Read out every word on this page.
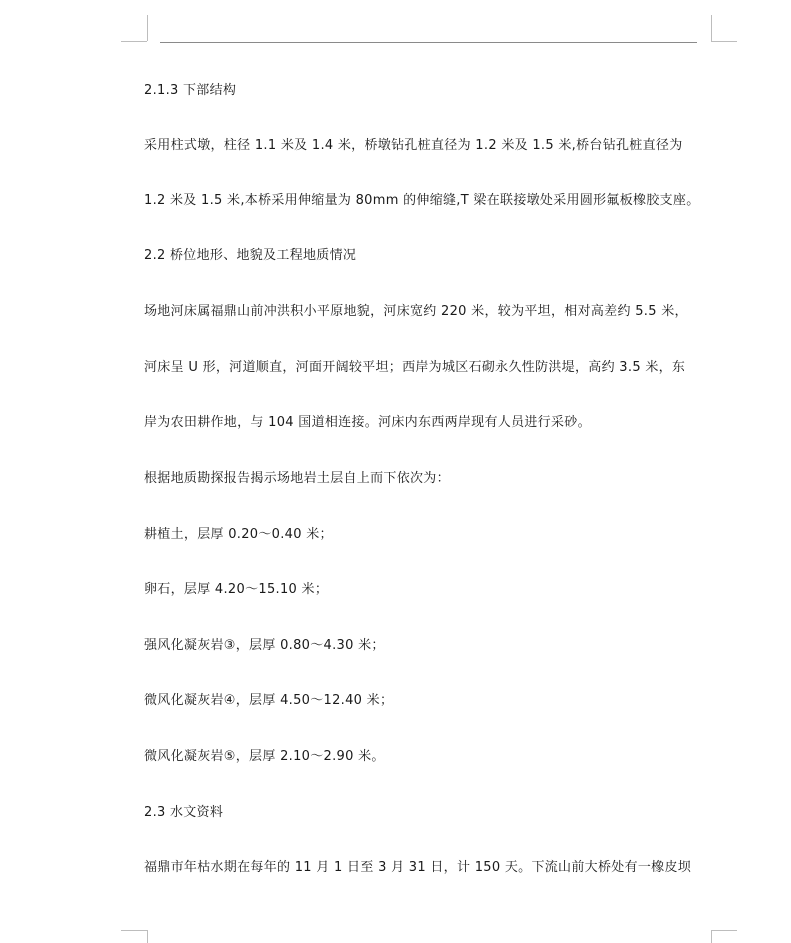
2.1.3 下部结构
采用柱式墩，柱径 1.1 米及 1.4 米，桥墩钻孔桩直径为 1.2 米及 1.5 米,桥台钻孔桩直径为
1.2 米及 1.5 米,本桥采用伸缩量为 80mm 的伸缩缝,T 梁在联接墩处采用圆形氟板橡胶支座。
2.2 桥位地形、地貌及工程地质情况
场地河床属福鼎山前冲洪积小平原地貌，河床宽约 220 米，较为平坦，相对高差约 5.5 米，
河床呈 U 形，河道顺直，河面开阔较平坦；西岸为城区石砌永久性防洪堤，高约 3.5 米，东
岸为农田耕作地，与 104 国道相连接。河床内东西两岸现有人员进行采砂。
根据地质勘探报告揭示场地岩土层自上而下依次为：
耕植土，层厚 0.20～0.40 米；
卵石，层厚 4.20～15.10 米；
强风化凝灰岩③，层厚 0.80～4.30 米；
微风化凝灰岩④，层厚 4.50～12.40 米；
微风化凝灰岩⑤，层厚 2.10～2.90 米。
2.3 水文资料
福鼎市年枯水期在每年的 11 月 1 日至 3 月 31 日，计 150 天。下流山前大桥处有一橡皮坝
